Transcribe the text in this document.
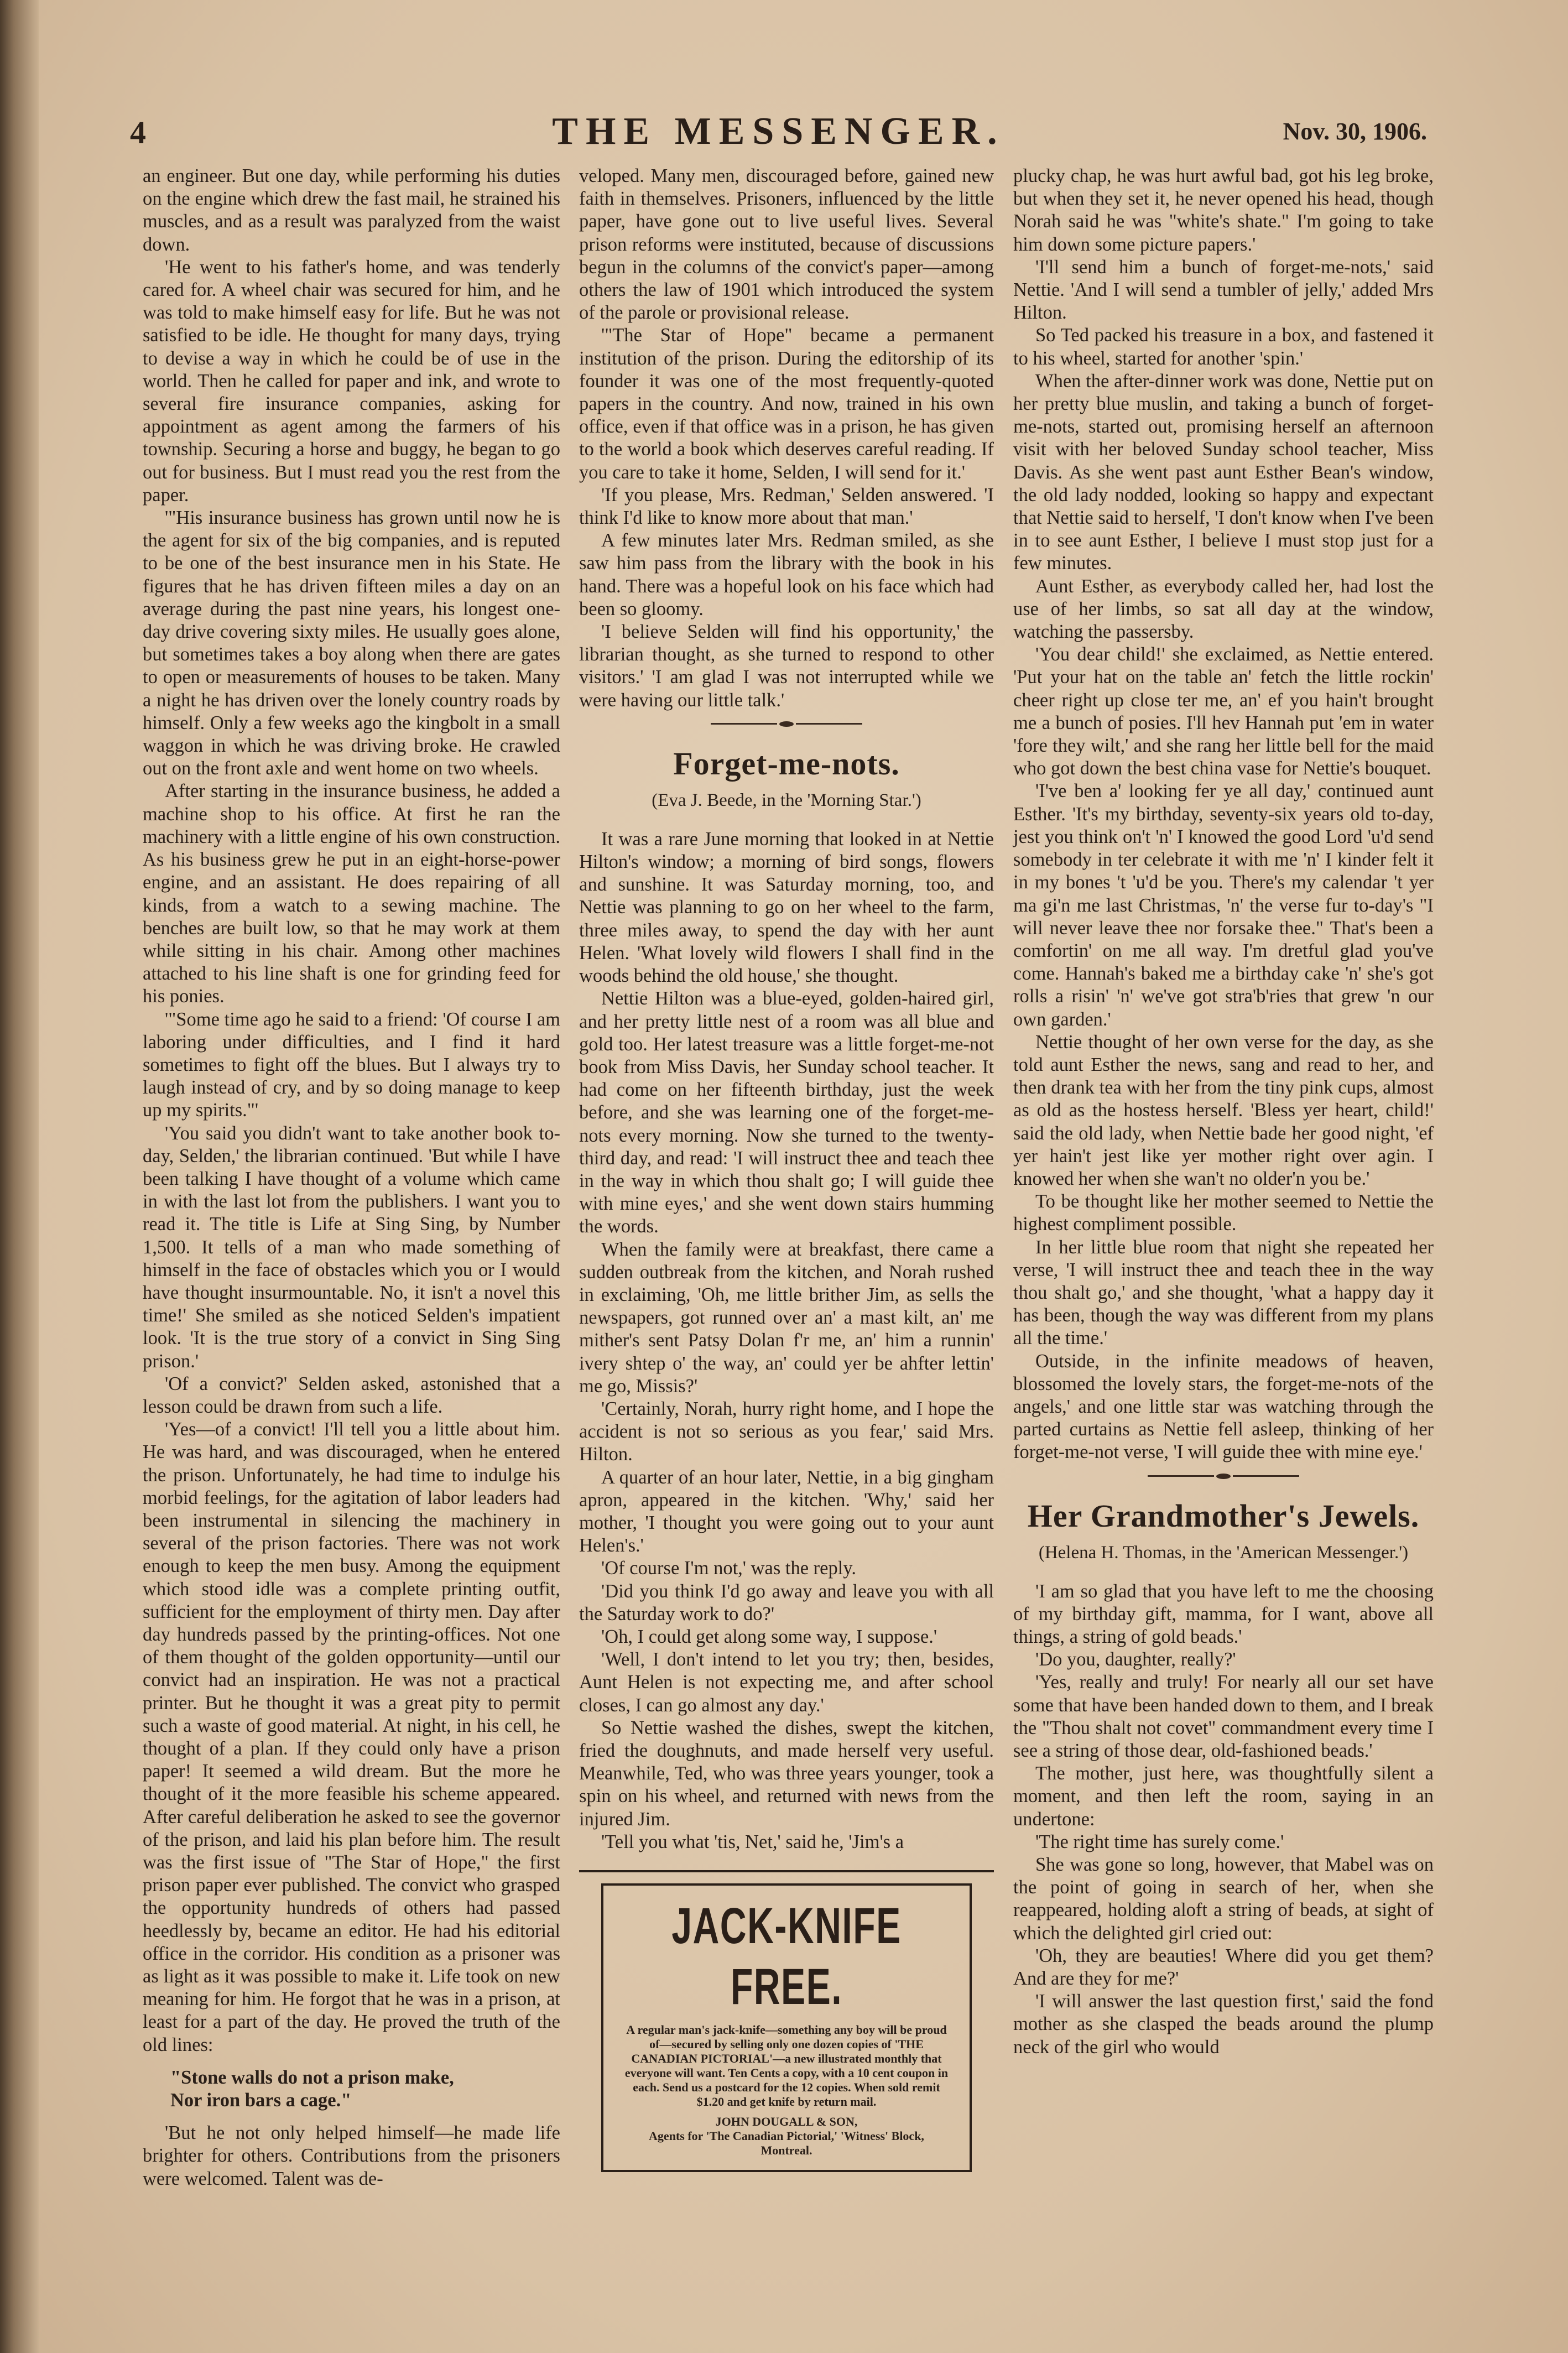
4	THE MESSENGER.	Nov. 30, 1906.

an engineer. But one day, while performing his duties on the engine which drew the fast mail, he strained his muscles, and as a result was paralyzed from the waist down.

'He went to his father's home, and was tenderly cared for. A wheel chair was secured for him, and he was told to make himself easy for life. But he was not satisfied to be idle. He thought for many days, trying to devise a way in which he could be of use in the world. Then he called for paper and ink, and wrote to several fire insurance companies, asking for appointment as agent among the farmers of his township. Securing a horse and buggy, he began to go out for business. But I must read you the rest from the paper.

'"His insurance business has grown until now he is the agent for six of the big companies, and is reputed to be one of the best insurance men in his State. He figures that he has driven fifteen miles a day on an average during the past nine years, his longest one-day drive covering sixty miles. He usually goes alone, but sometimes takes a boy along when there are gates to open or measurements of houses to be taken. Many a night he has driven over the lonely country roads by himself. Only a few weeks ago the kingbolt in a small waggon in which he was driving broke. He crawled out on the front axle and went home on two wheels.

After starting in the insurance business, he added a machine shop to his office. At first he ran the machinery with a little engine of his own construction. As his business grew he put in an eight-horse-power engine, and an assistant. He does repairing of all kinds, from a watch to a sewing machine. The benches are built low, so that he may work at them while sitting in his chair. Among other machines attached to his line shaft is one for grinding feed for his ponies.

'"Some time ago he said to a friend: 'Of course I am laboring under difficulties, and I find it hard sometimes to fight off the blues. But I always try to laugh instead of cry, and by so doing manage to keep up my spirits."'

'You said you didn't want to take another book to-day, Selden,' the librarian continued. 'But while I have been talking I have thought of a volume which came in with the last lot from the publishers. I want you to read it. The title is Life at Sing Sing, by Number 1,500. It tells of a man who made something of himself in the face of obstacles which you or I would have thought insurmountable. No, it isn't a novel this time!' She smiled as she noticed Selden's impatient look. 'It is the true story of a convict in Sing Sing prison.'

'Of a convict?' Selden asked, astonished that a lesson could be drawn from such a life.

'Yes—of a convict! I'll tell you a little about him. He was hard, and was discouraged, when he entered the prison. Unfortunately, he had time to indulge his morbid feelings, for the agitation of labor leaders had been instrumental in silencing the machinery in several of the prison factories. There was not work enough to keep the men busy. Among the equipment which stood idle was a complete printing outfit, sufficient for the employment of thirty men. Day after day hundreds passed by the printing-offices. Not one of them thought of the golden opportunity—until our convict had an inspiration. He was not a practical printer. But he thought it was a great pity to permit such a waste of good material. At night, in his cell, he thought of a plan. If they could only have a prison paper! It seemed a wild dream. But the more he thought of it the more feasible his scheme appeared. After careful deliberation he asked to see the governor of the prison, and laid his plan before him. The result was the first issue of "The Star of Hope," the first prison paper ever published. The convict who grasped the opportunity hundreds of others had passed heedlessly by, became an editor. He had his editorial office in the corridor. His condition as a prisoner was as light as it was possible to make it. Life took on new meaning for him. He forgot that he was in a prison, at least for a part of the day. He proved the truth of the old lines:

"Stone walls do not a prison make,
Nor iron bars a cage."

'But he not only helped himself—he made life brighter for others. Contributions from the prisoners were welcomed. Talent was de-

veloped. Many men, discouraged before, gained new faith in themselves. Prisoners, influenced by the little paper, have gone out to live useful lives. Several prison reforms were instituted, because of discussions begun in the columns of the convict's paper—among others the law of 1901 which introduced the system of the parole or provisional release.

'"The Star of Hope" became a permanent institution of the prison. During the editorship of its founder it was one of the most frequently-quoted papers in the country. And now, trained in his own office, even if that office was in a prison, he has given to the world a book which deserves careful reading. If you care to take it home, Selden, I will send for it.'

'If you please, Mrs. Redman,' Selden answered. 'I think I'd like to know more about that man.'

A few minutes later Mrs. Redman smiled, as she saw him pass from the library with the book in his hand. There was a hopeful look on his face which had been so gloomy.

'I believe Selden will find his opportunity,' the librarian thought, as she turned to respond to other visitors.' 'I am glad I was not interrupted while we were having our little talk.'

Forget-me-nots.
(Eva J. Beede, in the 'Morning Star.')

It was a rare June morning that looked in at Nettie Hilton's window; a morning of bird songs, flowers and sunshine. It was Saturday morning, too, and Nettie was planning to go on her wheel to the farm, three miles away, to spend the day with her aunt Helen. 'What lovely wild flowers I shall find in the woods behind the old house,' she thought.

Nettie Hilton was a blue-eyed, golden-haired girl, and her pretty little nest of a room was all blue and gold too. Her latest treasure was a little forget-me-not book from Miss Davis, her Sunday school teacher. It had come on her fifteenth birthday, just the week before, and she was learning one of the forget-me-nots every morning. Now she turned to the twenty-third day, and read: 'I will instruct thee and teach thee in the way in which thou shalt go; I will guide thee with mine eyes,' and she went down stairs humming the words.

When the family were at breakfast, there came a sudden outbreak from the kitchen, and Norah rushed in exclaiming, 'Oh, me little brither Jim, as sells the newspapers, got runned over an' a mast kilt, an' me mither's sent Patsy Dolan f'r me, an' him a runnin' ivery shtep o' the way, an' could yer be ahfter lettin' me go, Missis?'

'Certainly, Norah, hurry right home, and I hope the accident is not so serious as you fear,' said Mrs. Hilton.

A quarter of an hour later, Nettie, in a big gingham apron, appeared in the kitchen. 'Why,' said her mother, 'I thought you were going out to your aunt Helen's.'

'Of course I'm not,' was the reply.

'Did you think I'd go away and leave you with all the Saturday work to do?'

'Oh, I could get along some way, I suppose.'

'Well, I don't intend to let you try; then, besides, Aunt Helen is not expecting me, and after school closes, I can go almost any day.'

So Nettie washed the dishes, swept the kitchen, fried the doughnuts, and made herself very useful. Meanwhile, Ted, who was three years younger, took a spin on his wheel, and returned with news from the injured Jim.

'Tell you what 'tis, Net,' said he, 'Jim's a

JACK-KNIFE FREE.
A regular man's jack-knife—something any boy will be proud of—secured by selling only one dozen copies of 'THE CANADIAN PICTORIAL'—a new illustrated monthly that everyone will want. Ten Cents a copy, with a 10 cent coupon in each. Send us a postcard for the 12 copies. When sold remit $1.20 and get knife by return mail.
JOHN DOUGALL & SON,
Agents for 'The Canadian Pictorial,' 'Witness' Block, Montreal.

plucky chap, he was hurt awful bad, got his leg broke, but when they set it, he never opened his head, though Norah said he was "white's shate." I'm going to take him down some picture papers.'

'I'll send him a bunch of forget-me-nots,' said Nettie. 'And I will send a tumbler of jelly,' added Mrs Hilton.

So Ted packed his treasure in a box, and fastened it to his wheel, started for another 'spin.'

When the after-dinner work was done, Nettie put on her pretty blue muslin, and taking a bunch of forget-me-nots, started out, promising herself an afternoon visit with her beloved Sunday school teacher, Miss Davis. As she went past aunt Esther Bean's window, the old lady nodded, looking so happy and expectant that Nettie said to herself, 'I don't know when I've been in to see aunt Esther, I believe I must stop just for a few minutes.

Aunt Esther, as everybody called her, had lost the use of her limbs, so sat all day at the window, watching the passersby.

'You dear child!' she exclaimed, as Nettie entered. 'Put your hat on the table an' fetch the little rockin' cheer right up close ter me, an' ef you hain't brought me a bunch of posies. I'll hev Hannah put 'em in water 'fore they wilt,' and she rang her little bell for the maid who got down the best china vase for Nettie's bouquet.

'I've ben a' looking fer ye all day,' continued aunt Esther. 'It's my birthday, seventy-six years old to-day, jest you think on't 'n' I knowed the good Lord 'u'd send somebody in ter celebrate it with me 'n' I kinder felt it in my bones 't 'u'd be you. There's my calendar 't yer ma gi'n me last Christmas, 'n' the verse fur to-day's "I will never leave thee nor forsake thee." That's been a comfortin' on me all way. I'm dretful glad you've come. Hannah's baked me a birthday cake 'n' she's got rolls a risin' 'n' we've got stra'b'ries that grew 'n our own garden.'

Nettie thought of her own verse for the day, as she told aunt Esther the news, sang and read to her, and then drank tea with her from the tiny pink cups, almost as old as the hostess herself. 'Bless yer heart, child!' said the old lady, when Nettie bade her good night, 'ef yer hain't jest like yer mother right over agin. I knowed her when she wan't no older'n you be.'

To be thought like her mother seemed to Nettie the highest compliment possible.

In her little blue room that night she repeated her verse, 'I will instruct thee and teach thee in the way thou shalt go,' and she thought, 'what a happy day it has been, though the way was different from my plans all the time.'

Outside, in the infinite meadows of heaven, blossomed the lovely stars, the forget-me-nots of the angels,' and one little star was watching through the parted curtains as Nettie fell asleep, thinking of her forget-me-not verse, 'I will guide thee with mine eye.'

Her Grandmother's Jewels.
(Helena H. Thomas, in the 'American Messenger.')

'I am so glad that you have left to me the choosing of my birthday gift, mamma, for I want, above all things, a string of gold beads.'

'Do you, daughter, really?'

'Yes, really and truly! For nearly all our set have some that have been handed down to them, and I break the "Thou shalt not covet" commandment every time I see a string of those dear, old-fashioned beads.'

The mother, just here, was thoughtfully silent a moment, and then left the room, saying in an undertone:

'The right time has surely come.'

She was gone so long, however, that Mabel was on the point of going in search of her, when she reappeared, holding aloft a string of beads, at sight of which the delighted girl cried out:

'Oh, they are beauties! Where did you get them? And are they for me?'

'I will answer the last question first,' said the fond mother as she clasped the beads around the plump neck of the girl who would
